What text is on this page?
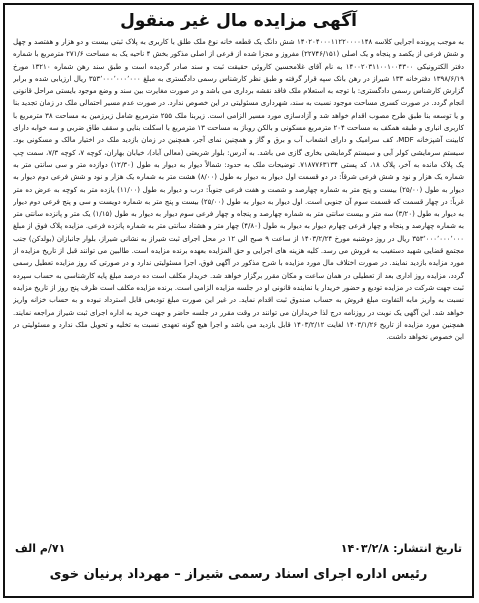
آگهی مزایده مال غیر منقول

به موجب پرونده اجرایی کلاسه ۱۴۰۲۰۴۰۰۰۱۱۲۲۰۰۰۰۱۴۸ شش دانگ یک قطعه خانه نوع ملک طلق با کاربری به پلاک ثبتی بیست و دو هزار و هفتصد و چهل و شش فرعی از یکصد و پنجاه و یک اصلی (۲۲۷۴۶/۱۵۱) مفروز و مجزا شده از فرعی از اصلی مذکور بخش ۴ ناحیه یک به مساحت ۲۷۱/۶ مترمربع با شماره دفتر الکترونیکی ۱۴۰۰۲۰۳۱۱۰۰۱۰۰۴۳۰۰ به نام آقای غلامحسین کاروئی حقیقت ثبت و سند صادر گردیده است و طبق سند رهن شماره ۱۳۲۱۰ مورخ ۱۳۹۸/۶/۱۹ دفترخانه ۱۳۳ شیراز در رهن بانک سپه قرار گرفته و طبق نظر کارشناس رسمی دادگستری به مبلغ ۳۵۳٬۰۰۰٬۰۰۰٬۰۰۰ ریال ارزیابی شده و برابر گزارش کارشناس رسمی دادگستری: با توجه به استعلام ملک فاقد نقشه برداری می باشد و در صورت مغایرت بین سند و وضع موجود بایستی مراحل قانونی انجام گردد. در صورت کسری مساحت موجود نسبت به سند، شهرداری مسئولیتی در این خصوص ندارد. در صورت عدم مسیر احتمالی ملک در زمان تجدید بنا و یا توسعه بنا طبق طرح مصوب اقدام خواهد شد و آزادسازی مورد مسیر الزامی است. زیربنا ملک ۲۵۵ مترمربع شامل زیرزمین به مساحت ۳۸ مترمربع با کاربری انباری و طبقه همکف به مساحت ۲۰۴ مترمربع مسکونی و بالکن روباز به مساحت ۱۳ مترمربع با اسکلت بنایی و سقف طاق ضربی و سه خوابه دارای کابینت آشپزخانه MDF، کف سرامیک و دارای انشعاب آب و برق و گاز و همچنین نمای آجر، همچنین در زمان بازدید ملک در اختیار مالک و مسکونی بود. سیستم سرمایشی کولر آبی و سیستم گرمایشی بخاری گازی می باشد. به آدرس: بلوار شریعتی (معالی آباد)، خیابان بهاران، کوچه ۷، کوچه ۷/۳، سمت چپ یک پلاک مانده به آخر، پلاک ۱۸، کد پستی ۷۱۸۷۷۶۳۱۳۴. توضیحات ملک به حدود: شمالاً دیوار به دیوار به طول (۱۲/۳۰) دوازده متر و سی سانتی متر به شماره یک هزار و نود و شش فرعی شرقاً: در دو قسمت اول دیوار به دیوار به طول (۸/۰۰) هشت متر به شماره یک هزار و نود و شش فرعی دوم دیوار به دیوار به طول (۲۵/۰۰) بیست و پنج متر به شماره چهارصد و شصت و هفت فرعی جنوباً: درب و دیوار به طول (۱۱/۰۰) یازده متر به کوچه به عرض ده متر غرباً: در چهار قسمت که قسمت سوم آن جنوبی است. اول دیوار به دیوار به طول (۲۵/۰۰) بیست و پنج متر به شماره دویست و سی و پنج فرعی دوم دیوار به دیوار به طول (۳/۲۰) سه متر و بیست سانتی متر به شماره چهارصد و پنجاه و چهار فرعی سوم دیوار به دیوار به طول (۱/۱۵) یک متر و پانزده سانتی متر به شماره چهارصد و پنجاه و چهار فرعی چهارم دیوار به دیوار به طول (۴/۸۰) چهار متر و هشتاد سانتی متر به شماره پانزده فرعی. مزایده پلاک فوق از مبلغ ۳۵۳٬۰۰۰٬۰۰۰٬۰۰۰ ریال در روز دوشنبه مورخ ۱۴۰۳/۲/۲۴ از ساعت ۹ صبح الی ۱۲ در محل اجرای ثبت شیراز به نشانی شیراز، بلوار جانبازان (بولدکن) جنب مجتمع قضایی شهید دستغیب به فروش می رسد. کلیه هزینه های اجرایی و حق المزایده بعهده برنده مزایده است. طالبین می توانند قبل از تاریخ مزایده از مورد مزایده بازدید نمایند. در صورت اختلاف مال مورد مزایده با شرح مذکور در آگهی فوق، اجرا مسئولیتی ندارد و در صورتی که روز مزایده تعطیل رسمی گردد، مزایده روز اداری بعد از تعطیلی در همان ساعت و مکان مقرر برگزار خواهد شد. خریدار مکلف است ده درصد مبلغ پایه کارشناسی به حساب سپرده ثبت جهت شرکت در مزایده تودیع و حضور خریدار یا نماینده قانونی او در جلسه مزایده الزامی است. برنده مزایده مکلف است ظرف پنج روز از تاریخ مزایده نسبت به واریز مابه التفاوت مبلغ فروش به حساب صندوق ثبت اقدام نماید. در غیر این صورت مبلغ تودیعی قابل استرداد نبوده و به حساب خزانه واریز خواهد شد. این آگهی یک نوبت در روزنامه درج لذا خریداران می توانند در وقت مقرر در جلسه حاضر و جهت خرید به اداره اجرای ثبت شیراز مراجعه نمایند. همچنین مورد مزایده از تاریخ ۱۴۰۳/۱/۲۶ لغایت ۱۴۰۳/۲/۱۲ قابل بازدید می باشد و اجرا هیچ گونه تعهدی نسبت به تخلیه و تحویل ملک ندارد و مسئولیتی در این خصوص نخواهد داشت.

تاریخ انتشار:۱۴۰۳/۲/۸
۷۱/م الف
رئیس اداره اجرای اسناد رسمی شیراز – مهرداد پرنیان خوی
